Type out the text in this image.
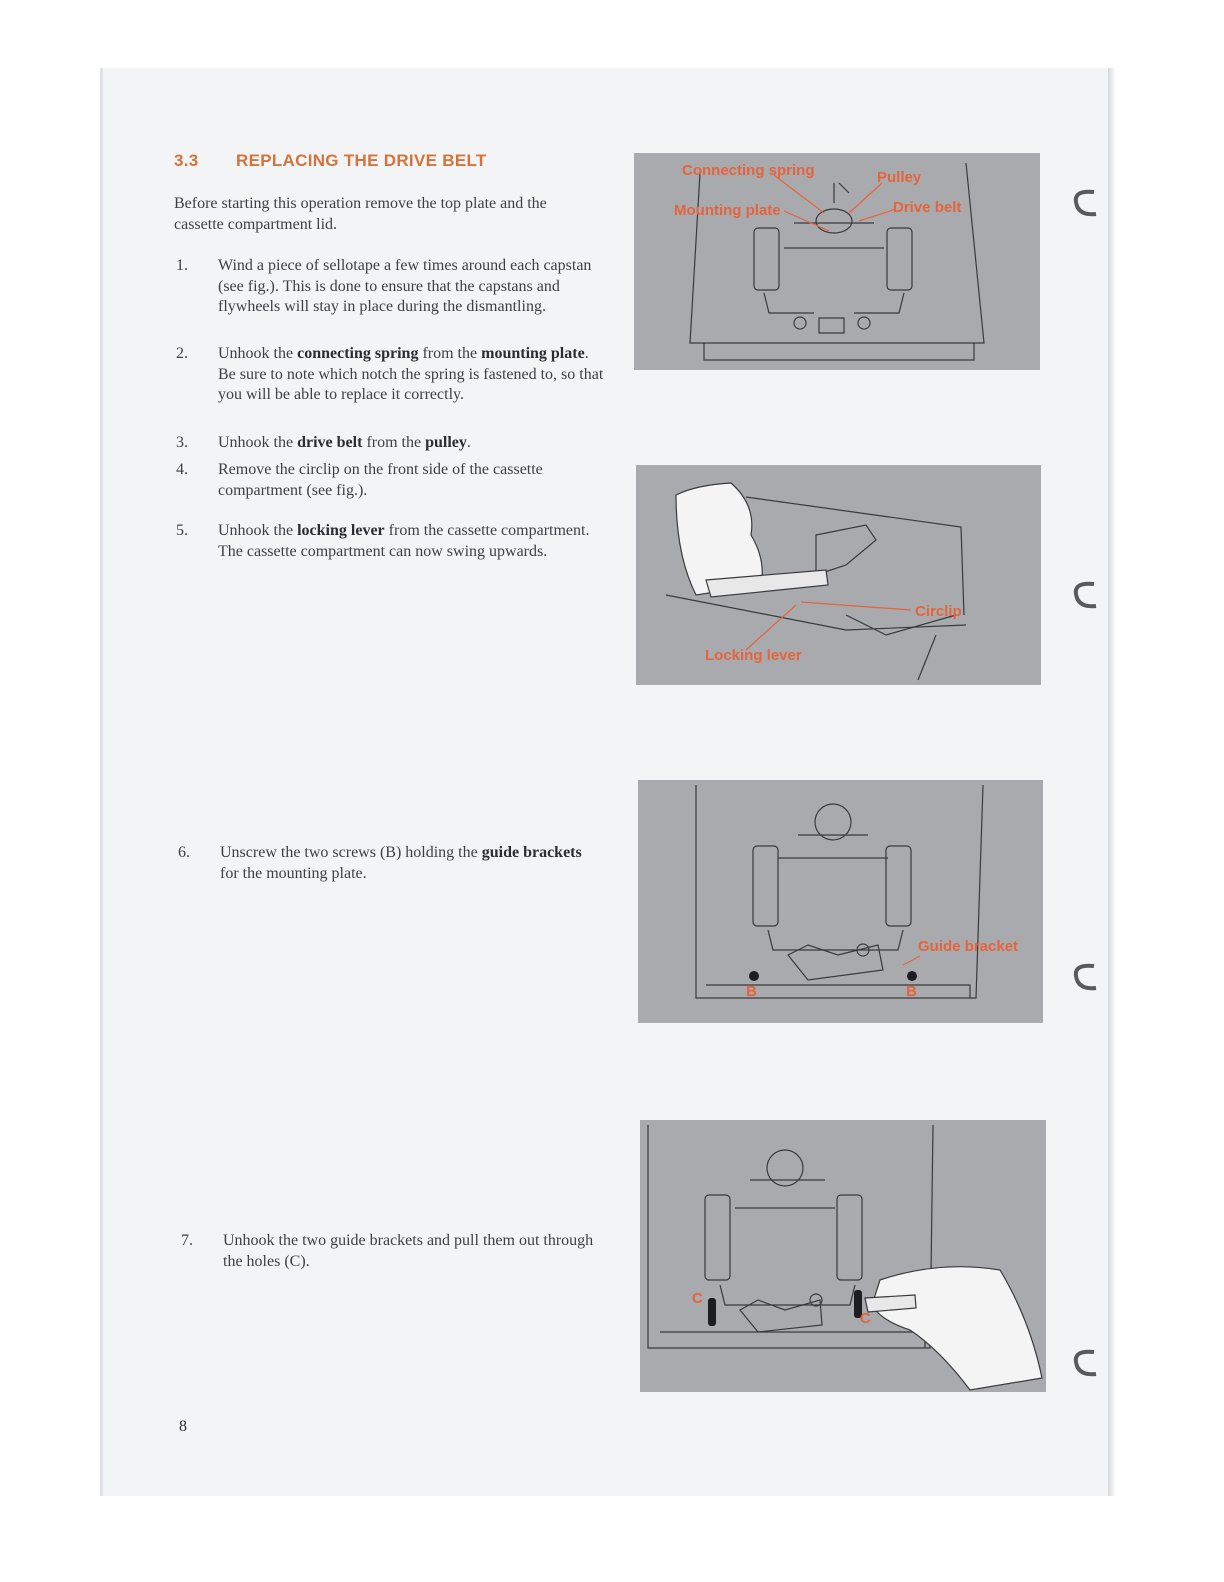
3.3 REPLACING THE DRIVE BELT

Before starting this operation remove the top plate and the cassette compartment lid.

1. Wind a piece of sellotape a few times around each capstan (see fig.). This is done to ensure that the capstans and flywheels will stay in place during the dismantling.

2. Unhook the connecting spring from the mounting plate. Be sure to note which notch the spring is fastened to, so that you will be able to replace it correctly.

3. Unhook the drive belt from the pulley.

4. Remove the circlip on the front side of the cassette compartment (see fig.).

5. Unhook the locking lever from the cassette compartment. The cassette compartment can now swing upwards.

6. Unscrew the two screws (B) holding the guide brackets for the mounting plate.

7. Unhook the two guide brackets and pull them out through the holes (C).

8
Connecting spring	Pulley
Mounting plate	Drive belt
Circlip
Locking lever
Guide bracket
B	B
C
C
